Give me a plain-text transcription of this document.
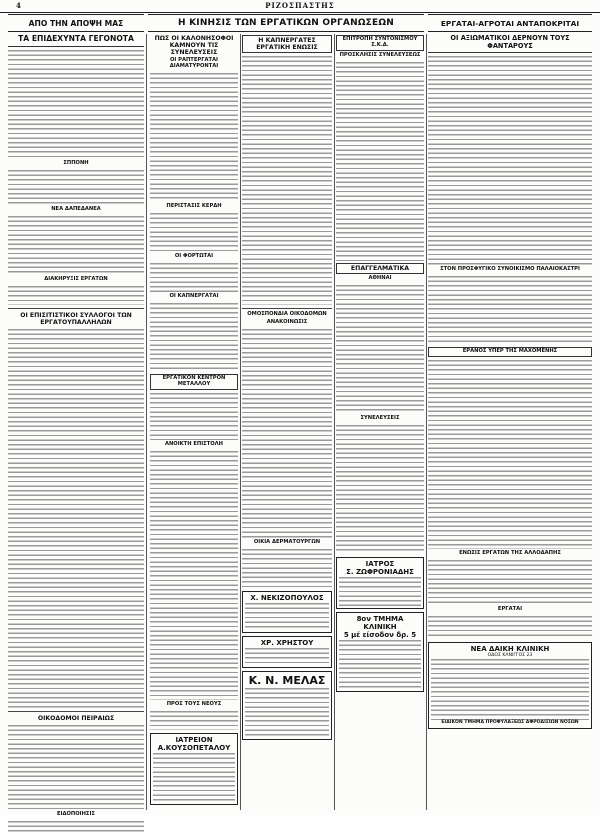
4	ΡΙΖΟΣΠΑΣΤΗΣ
ΑΠΟ ΤΗΝ ΑΠΟΨΗ ΜΑΣ	Η ΚΙΝΗΣΙΣ ΤΩΝ ΕΡΓΑΤΙΚΩΝ ΟΡΓΑΝΩΣΕΩΝ	ΕΡΓΑΤΑΙ-ΑΓΡΟΤΑΙ ΑΝΤΑΠΟΚΡΙΤΑΙ
ΤΑ ΕΠΙΔΕΧΥΝΤΑ ΓΕΓΟΝΟΤΑ
ΣΠΠΟΝΗ
ΝΕΑ ΔΑΠΕΔΑΝΕΑ
ΔΙΑΚΗΡΥΞΙΣ ΕΡΓΑΤΩΝ
ΟΙ ΕΠΙΣΙΤΙΣΤΙΚΟΙ ΣΥΛΛΟΓΟΙ ΤΩΝ ΕΡΓΑΤΟΥΠΑΛΛΗΛΩΝ
ΟΙΚΟΔΟΜΟΙ ΠΕΙΡΑΙΩΣ
ΕΙΔΟΠΟΙΗΣΙΣ
ΠΩΣ ΟΙ ΚΑΛΟΝΗΣΟΦΟΙ ΚΑΜΝΟΥΝ ΤΙΣ ΣΥΝΕΛΕΥΣΕΙΣ
ΟΙ ΡΑΠΤΕΡΓΑΤΑΙ ΔΙΑΜΑΤΥΡΟΝΤΑΙ
ΠΕΡΙΣΤΑΣΙΣ ΚΕΡΔΗ
ΟΙ ΦΟΡΤΩΤΑΙ
ΟΙ ΚΑΠΝΕΡΓΑΤΑΙ
ΕΡΓΑΤΙΚΟΝ ΚΕΝΤΡΟΝ ΜΕΤΑΛΛΟΥ
ΑΝΟΙΚΤΗ ΕΠΙΣΤΟΛΗ
ΠΡΟΣ ΤΟΥΣ ΝΕΟΥΣ
ΙΑΤΡΕΙΟΝ
Α.ΚΟΥΣΟΠΕΤΑΛΟΥ
Η ΚΑΠΝΕΡΓΑΤΕΣ ΕΡΓΑΤΙΚΗ ΕΝΩΣΙΣ
ΟΜΟΣΠΟΝΔΙΑ ΟΙΚΟΔΟΜΩΝ
ΑΝΑΚΟΙΝΩΣΙΣ
ΟΙΚΙΑ ΔΕΡΜΑΤΟΥΡΓΩΝ
Χ. ΝΕΚΙΖΟΠΟΥΛΟΣ
ΧΡ. ΧΡΗΣΤΟΥ
Κ. Ν. ΜΕΛΑΣ
ΕΠΙΤΡΟΠΗ ΣΥΝΤΟΝΙΣΜΟΥ Σ.Κ.Δ.
ΠΡΟΣΚΛΗΣΙΣ ΣΥΝΕΛΕΥΣΕΩΣ
ΕΠΑΓΓΕΛΜΑΤΙΚΑ
ΑΘΗΝΑΙ
ΣΥΝΕΛΕΥΣΕΙΣ
ΙΑΤΡΟΣ
Σ. ΖΩΦΡΟΝΙΑΔΗΣ
8ον ΤΜΗΜΑ ΚΛΙΝΙΚΗ
5 μέ είσοδον δρ. 5
ΟΙ ΑΞΙΩΜΑΤΙΚΟΙ ΔΕΡΝΟΥΝ ΤΟΥΣ ΦΑΝΤΑΡΟΥΣ
ΣΤΟΝ ΠΡΟΣΦΥΓΙΚΟ ΣΥΝΟΙΚΙΣΜΟ ΠΑΛΑΙΟΚΑΣΤΡΙ
ΕΡΑΝΟΣ ΥΠΕΡ ΤΗΣ ΜΑΧΟΜΕΝΗΣ
ΕΝΩΣΙΣ ΕΡΓΑΤΩΝ ΤΗΣ ΑΛΛΟΔΑΠΗΣ
ΕΡΓΑΤΑΙ
ΝΕΑ ΔΑΙΚΗ ΚΛΙΝΙΚΗ
ΟΔΟΣ ΚΑΝΙΓΓΟΣ 23
ΕΙΔΙΚΟΝ ΤΜΗΜΑ ΠΡΟΦΥΛΑΞΕΩΣ ΑΦΡΟΔΙΣΙΩΝ ΝΟΣΩΝ
